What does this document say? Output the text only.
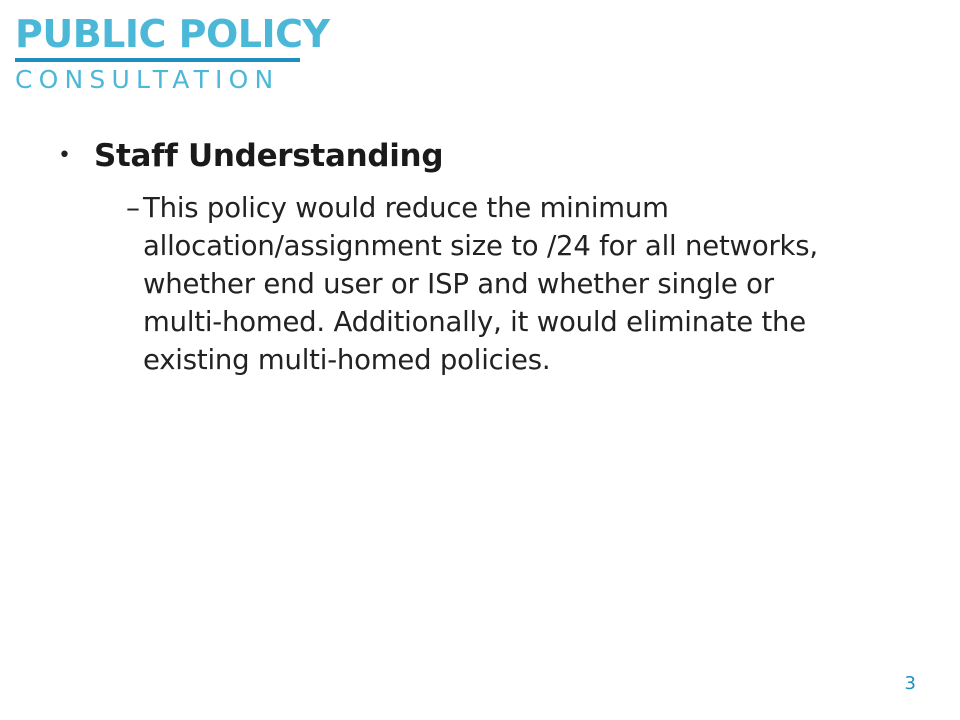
PUBLIC POLICY
CONSULTATION
• Staff Understanding
– This policy would reduce the minimum allocation/assignment size to /24 for all networks, whether end user or ISP and whether single or multi-homed. Additionally, it would eliminate the existing multi-homed policies.
3
